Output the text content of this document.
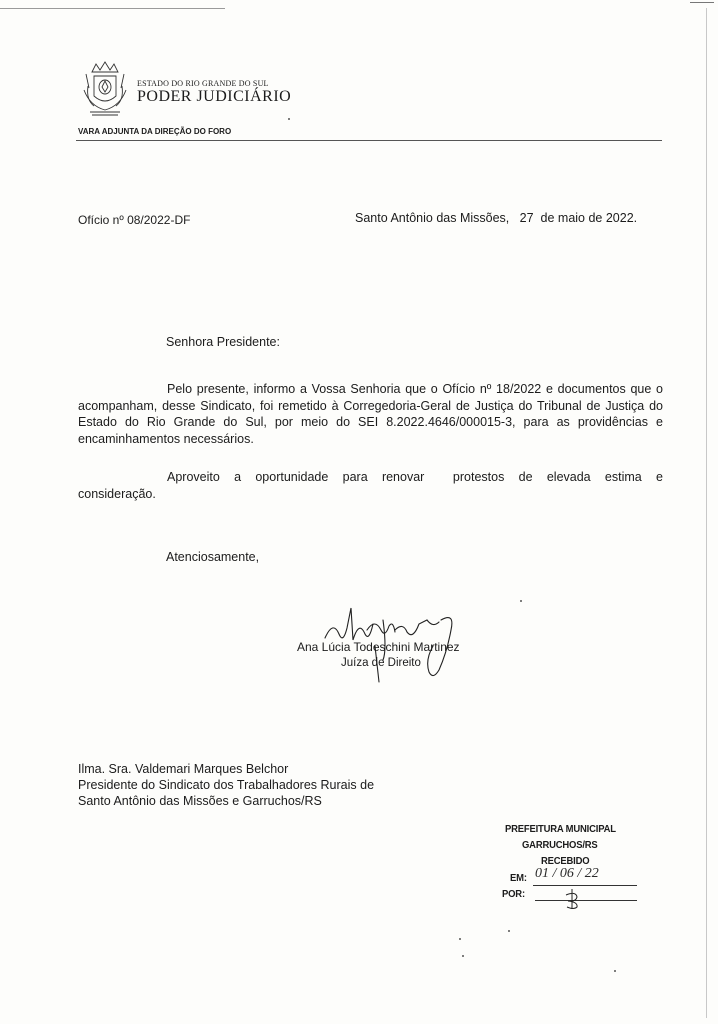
ESTADO DO RIO GRANDE DO SUL
PODER JUDICIÁRIO
VARA ADJUNTA DA DIREÇÃO DO FORO
Ofício nº 08/2022-DF	Santo Antônio das Missões,   27  de maio de 2022.
Senhora Presidente:
Pelo presente, informo a Vossa Senhoria que o Ofício nº 18/2022 e documentos que o acompanham, desse Sindicato, foi remetido à Corregedoria-Geral de Justiça do Tribunal de Justiça do Estado do Rio Grande do Sul, por meio do SEI 8.2022.4646/000015-3, para as providências e encaminhamentos necessários.
Aproveito  a  oportunidade  para  renovar    protestos  de  elevada  estima  e consideração.
Atenciosamente,
Ana Lúcia Todeschini Martinez
Juíza de Direito
Ilma. Sra. Valdemari Marques Belchor
Presidente do Sindicato dos Trabalhadores Rurais de
Santo Antônio das Missões e Garruchos/RS
PREFEITURA MUNICIPAL
GARRUCHOS/RS
RECEBIDO
EM: 01 / 06 / 22
POR:
